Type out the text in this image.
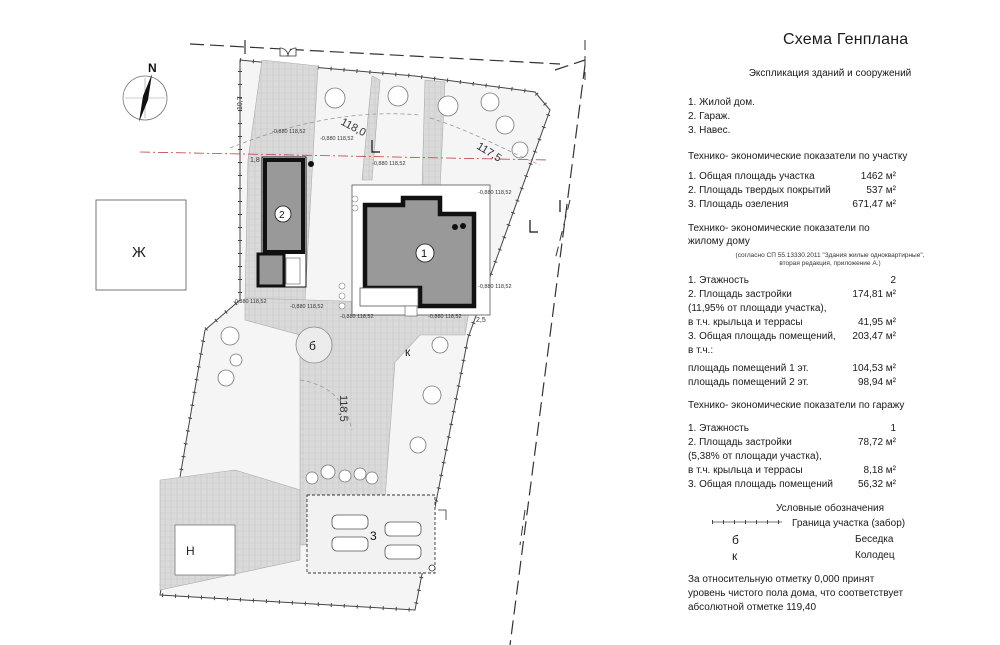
Ж
Н
3
2
1
б	к
118,0
117,5
118,5
-0,880 118,52
-0,880 118,52
-0,880 118,52
-0,880 118,52
-0,880 118,52
-0,880 118,52
-0,880 118,52
-0,880 118,52	-0,880 118,52
10,7
1,8
2,5
N
Схема Генплана
Экспликация зданий и сооружений
1. Жилой дом.
2. Гараж.
3. Навес.
Технико- экономические показатели по участку
1. Общая площадь участка	1462 м²
2. Площадь твердых покрытий	537 м²
3. Площадь озеления	671,47 м²
Технико- экономические показатели по
жилому дому
(согласно СП 55.13330.2011 "Здания жилые одноквартирные",
вторая редакция, приложение А.)
1. Этажность	2
2. Площадь застройки	174,81 м²
(11,95% от площади участка),
в т.ч. крыльца и террасы	41,95 м²
3. Общая площадь помещений,	203,47 м²
в т.ч.:
площадь помещений 1 эт.	104,53 м²
площадь помещений 2 эт.	98,94 м²
Технико- экономические показатели по гаражу
1. Этажность	1
2. Площадь застройки	78,72 м²
(5,38% от площади участка),
в т.ч. крыльца и террасы	8,18 м²
3. Общая площадь помещений	56,32 м²
Условные обозначения
Граница участка (забор)
б	Беседка
к	Колодец
За относительную отметку 0,000 принят
уровень чистого пола дома, что соответствует
абсолютной отметке 119,40
